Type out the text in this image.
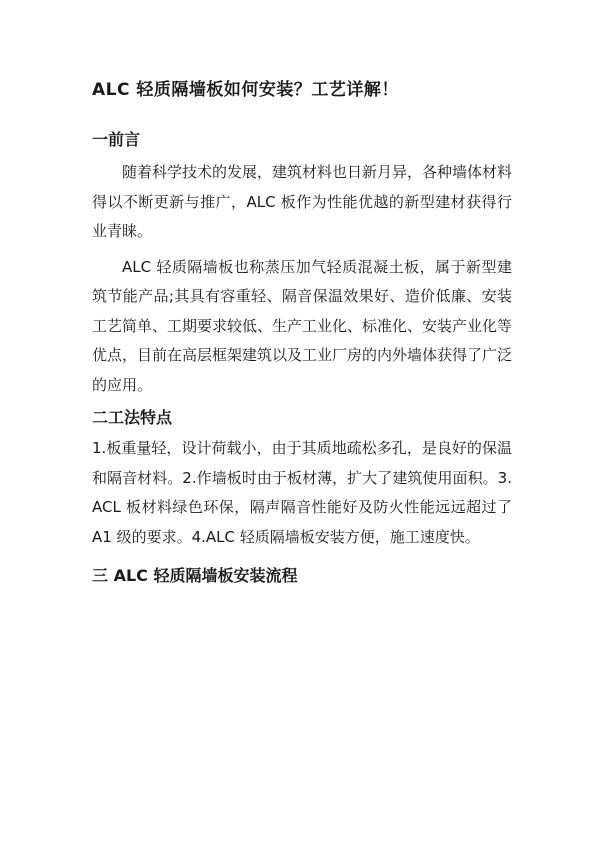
ALC 轻质隔墙板如何安装？工艺详解！
一前言

随着科学技术的发展，建筑材料也日新月异，各种墙体材料得以不断更新与推广，ALC 板作为性能优越的新型建材获得行业青睐。

ALC 轻质隔墙板也称蒸压加气轻质混凝土板，属于新型建筑节能产品;其具有容重轻、隔音保温效果好、造价低廉、安装工艺简单、工期要求较低、生产工业化、标准化、安装产业化等优点，目前在高层框架建筑以及工业厂房的内外墙体获得了广泛的应用。

二工法特点

1.板重量轻，设计荷载小，由于其质地疏松多孔，是良好的保温和隔音材料。2.作墙板时由于板材薄，扩大了建筑使用面积。3.ACL 板材料绿色环保，隔声隔音性能好及防火性能远远超过了 A1 级的要求。4.ALC 轻质隔墙板安装方便，施工速度快。

三 ALC 轻质隔墙板安装流程
